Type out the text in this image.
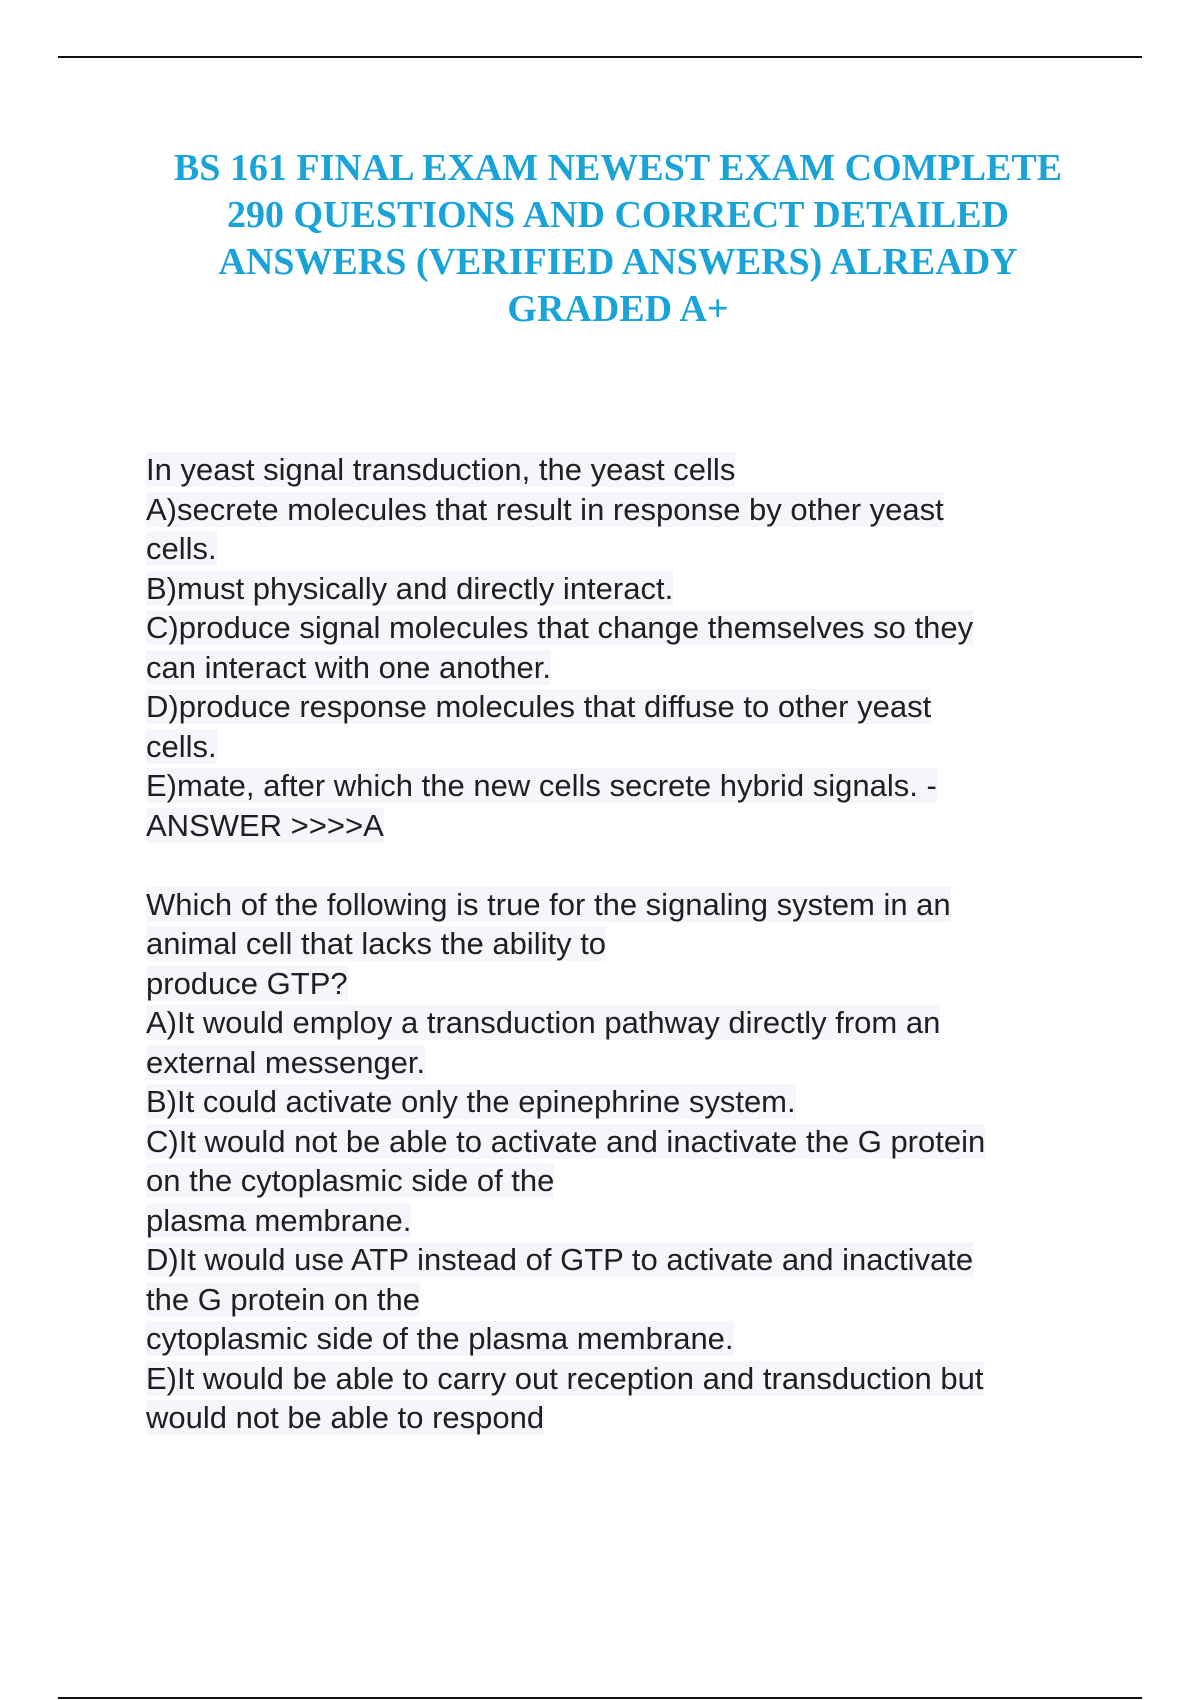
BS 161 FINAL EXAM NEWEST EXAM COMPLETE
290 QUESTIONS AND CORRECT DETAILED
ANSWERS (VERIFIED ANSWERS) ALREADY
GRADED A+
In yeast signal transduction, the yeast cells
A)secrete molecules that result in response by other yeast
cells.
B)must physically and directly interact.
C)produce signal molecules that change themselves so they
can interact with one another.
D)produce response molecules that diffuse to other yeast
cells.
E)mate, after which the new cells secrete hybrid signals. -
ANSWER >>>>A
Which of the following is true for the signaling system in an
animal cell that lacks the ability to
produce GTP?
A)It would employ a transduction pathway directly from an
external messenger.
B)It could activate only the epinephrine system.
C)It would not be able to activate and inactivate the G protein
on the cytoplasmic side of the
plasma membrane.
D)It would use ATP instead of GTP to activate and inactivate
the G protein on the
cytoplasmic side of the plasma membrane.
E)It would be able to carry out reception and transduction but
would not be able to respond
